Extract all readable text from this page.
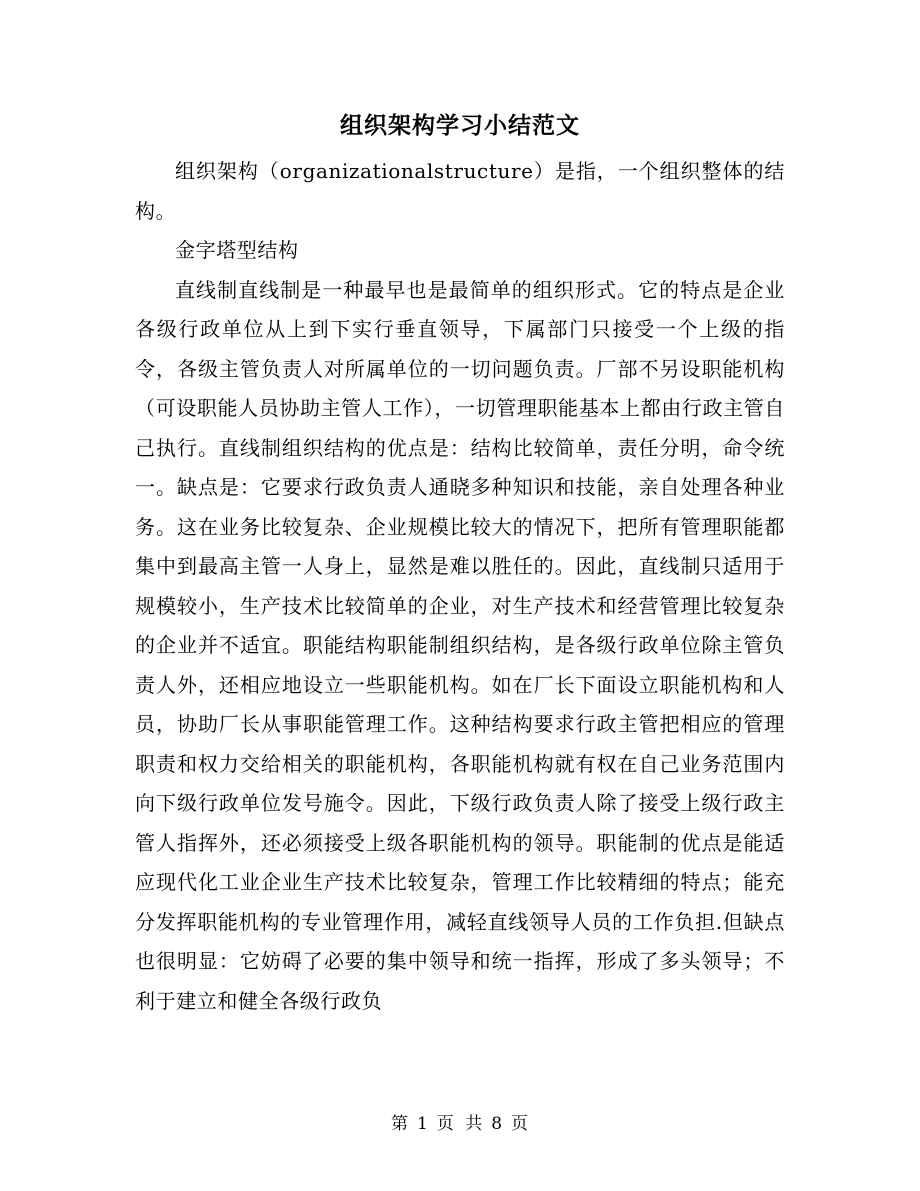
组织架构学习小结范文

组织架构（organizationalstructure）是指，一个组织整体的结构。

金字塔型结构

直线制直线制是一种最早也是最简单的组织形式。它的特点是企业各级行政单位从上到下实行垂直领导，下属部门只接受一个上级的指令，各级主管负责人对所属单位的一切问题负责。厂部不另设职能机构（可设职能人员协助主管人工作），一切管理职能基本上都由行政主管自己执行。直线制组织结构的优点是：结构比较简单，责任分明，命令统一。缺点是：它要求行政负责人通晓多种知识和技能，亲自处理各种业务。这在业务比较复杂、企业规模比较大的情况下，把所有管理职能都集中到最高主管一人身上，显然是难以胜任的。因此，直线制只适用于规模较小，生产技术比较简单的企业，对生产技术和经营管理比较复杂的企业并不适宜。职能结构职能制组织结构，是各级行政单位除主管负责人外，还相应地设立一些职能机构。如在厂长下面设立职能机构和人员，协助厂长从事职能管理工作。这种结构要求行政主管把相应的管理职责和权力交给相关的职能机构，各职能机构就有权在自己业务范围内向下级行政单位发号施令。因此，下级行政负责人除了接受上级行政主管人指挥外，还必须接受上级各职能机构的领导。职能制的优点是能适应现代化工业企业生产技术比较复杂，管理工作比较精细的特点；能充分发挥职能机构的专业管理作用，减轻直线领导人员的工作负担.但缺点也很明显：它妨碍了必要的集中领导和统一指挥，形成了多头领导；不利于建立和健全各级行政负

第 1 页 共 8 页
